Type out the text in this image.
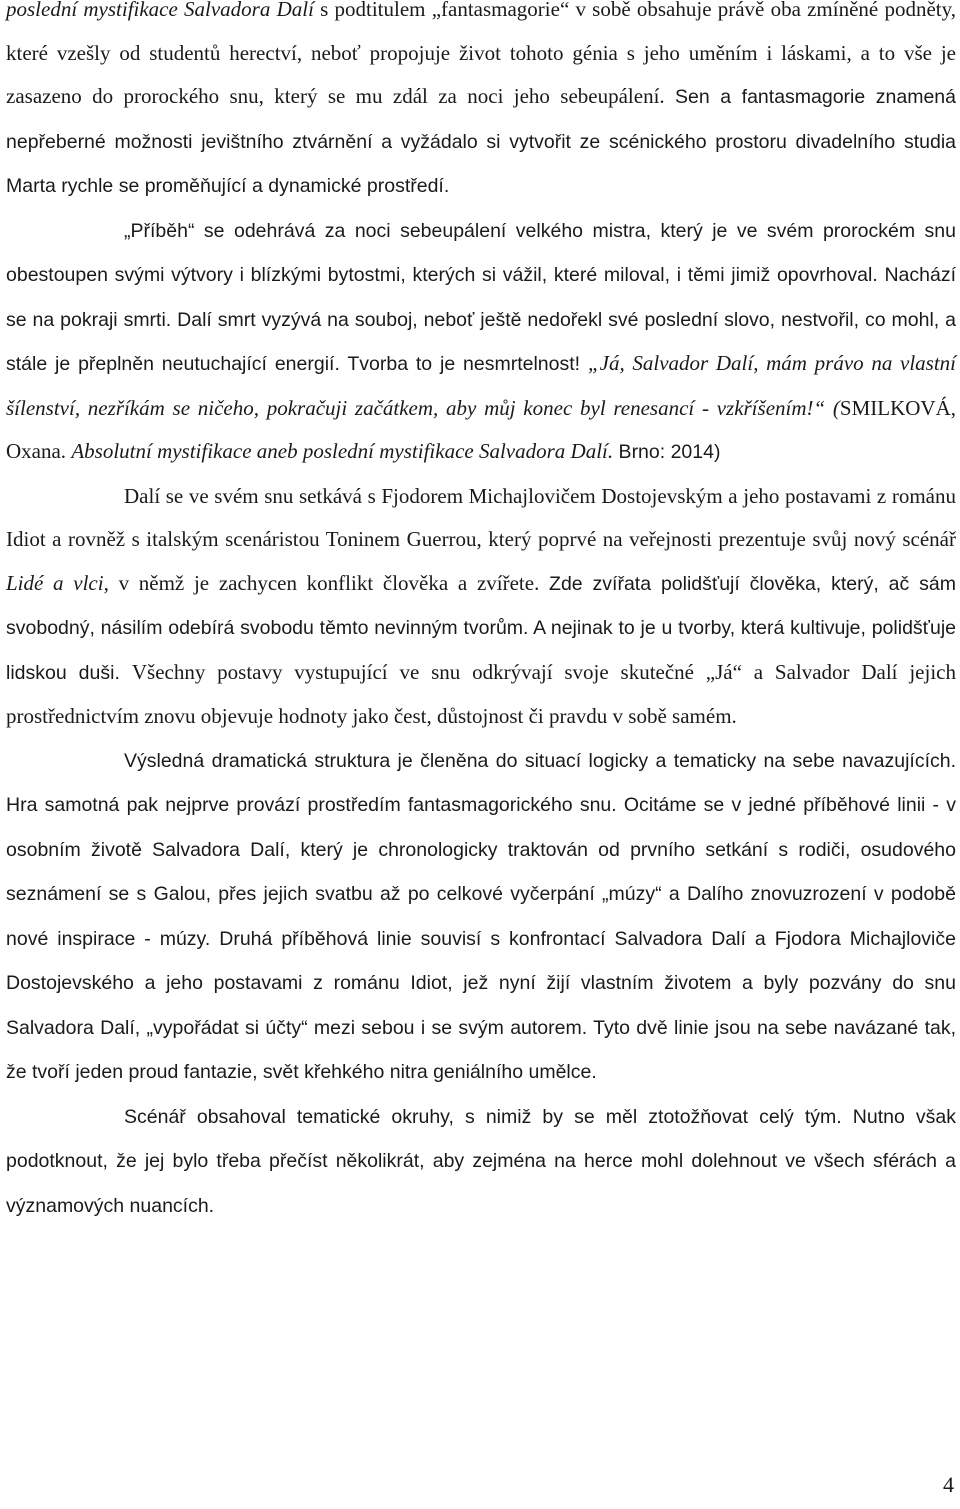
poslední mystifikace Salvadora Dalí s podtitulem „fantasmagorie“ v sobě obsahuje právě oba zmíněné podněty, které vzešly od studentů herectví, neboť propojuje život tohoto génia s jeho uměním i láskami, a to vše je zasazeno do prorockého snu, který se mu zdál za noci jeho sebeupálení. Sen a fantasmagorie znamená nepřeberné možnosti jevištního ztvárnění a vyžádalo si vytvořit ze scénického prostoru divadelního studia Marta rychle se proměňující a dynamické prostředí.

„Příběh“ se odehrává za noci sebeupálení velkého mistra, který je ve svém prorockém snu obestoupen svými výtvory i blízkými bytostmi, kterých si vážil, které miloval, i těmi jimiž opovrhoval. Nachází se na pokraji smrti. Dalí smrt vyzývá na souboj, neboť ještě nedořekl své poslední slovo, nestvořil, co mohl, a stále je přeplněn neutuchající energií. Tvorba to je nesmrtelnost! „Já, Salvador Dalí, mám právo na vlastní šílenství, nezříkám se ničeho, pokračuji začátkem, aby můj konec byl renesancí - vzkříšením!“ (SMILKOVÁ, Oxana. Absolutní mystifikace aneb poslední mystifikace Salvadora Dalí. Brno: 2014)

Dalí se ve svém snu setkává s Fjodorem Michajlovičem Dostojevským a jeho postavami z románu Idiot a rovněž s italským scenáristou Toninem Guerrou, který poprvé na veřejnosti prezentuje svůj nový scénář Lidé a vlci, v němž je zachycen konflikt člověka a zvířete. Zde zvířata polidšťují člověka, který, ač sám svobodný, násilím odebírá svobodu těmto nevinným tvorům. A nejinak to je u tvorby, která kultivuje, polidšťuje lidskou duši. Všechny postavy vystupující ve snu odkrývají svoje skutečné „Já“ a Salvador Dalí jejich prostřednictvím znovu objevuje hodnoty jako čest, důstojnost či pravdu v sobě samém.

Výsledná dramatická struktura je členěna do situací logicky a tematicky na sebe navazujících. Hra samotná pak nejprve provází prostředím fantasmagorického snu. Ocitáme se v jedné příběhové linii - v osobním životě Salvadora Dalí, který je chronologicky traktován od prvního setkání s rodiči, osudového seznámení se s Galou, přes jejich svatbu až po celkové vyčerpání „múzy“ a Dalího znovuzrození v podobě nové inspirace - múzy. Druhá příběhová linie souvisí s konfrontací Salvadora Dalí a Fjodora Michajloviče Dostojevského a jeho postavami z románu Idiot, jež nyní žijí vlastním životem a byly pozvány do snu Salvadora Dalí, „vypořádat si účty“ mezi sebou i se svým autorem. Tyto dvě linie jsou na sebe navázané tak, že tvoří jeden proud fantazie, svět křehkého nitra geniálního umělce.

Scénář obsahoval tematické okruhy, s nimiž by se měl ztotožňovat celý tým. Nutno však podotknout, že jej bylo třeba přečíst několikrát, aby zejména na herce mohl dolehnout ve všech sférách a významových nuancích.

4
